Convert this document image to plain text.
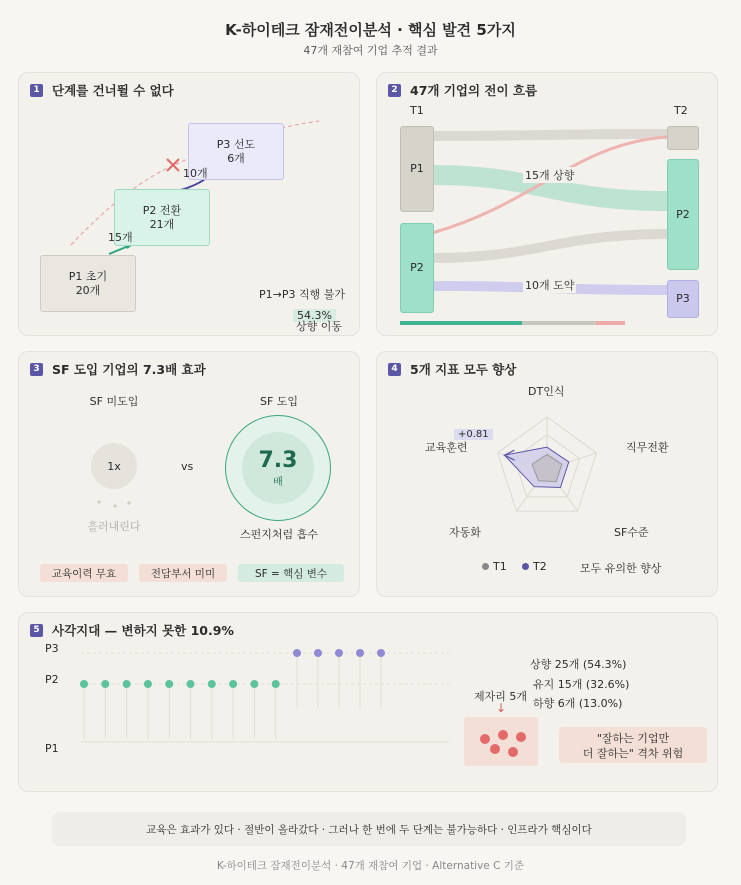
K-하이테크 잠재전이분석 · 핵심 발견 5가지
47개 재참여 기업 추적 결과
1 단계를 건너뛸 수 없다
P1 초기
20개
P2 전환
21개
P3 선도
6개
15개
10개
P1→P3 직행 불가
54.3%
상향 이동
2 47개 기업의 전이 흐름
T1	T2
P1
P2
P2
P3
15개 상향
10개 도약
3 SF 도입 기업의 7.3배 효과
SF 미도입	SF 도입
1x
흘러내린다
vs	7.3
배
스펀지처럼 흡수
교육이력 무효	전담부서 미미	SF = 핵심 변수
4 5개 지표 모두 향상
DT인식
직무전환
SF수준
자동화
교육훈련
+0.81
T1 T2	모두 유의한 향상
5 사각지대 — 변하지 못한 10.9%
P3
P2
P1
상향 25개 (54.3%)
유지 15개 (32.6%)
하향 6개 (13.0%)
제자리 5개
↓
"잘하는 기업만
더 잘하는" 격차 위험
교육은 효과가 있다 · 절반이 올라갔다 · 그러나 한 번에 두 단계는 불가능하다 · 인프라가 핵심이다
K-하이테크 잠재전이분석 · 47개 재참여 기업 · Alternative C 기준
